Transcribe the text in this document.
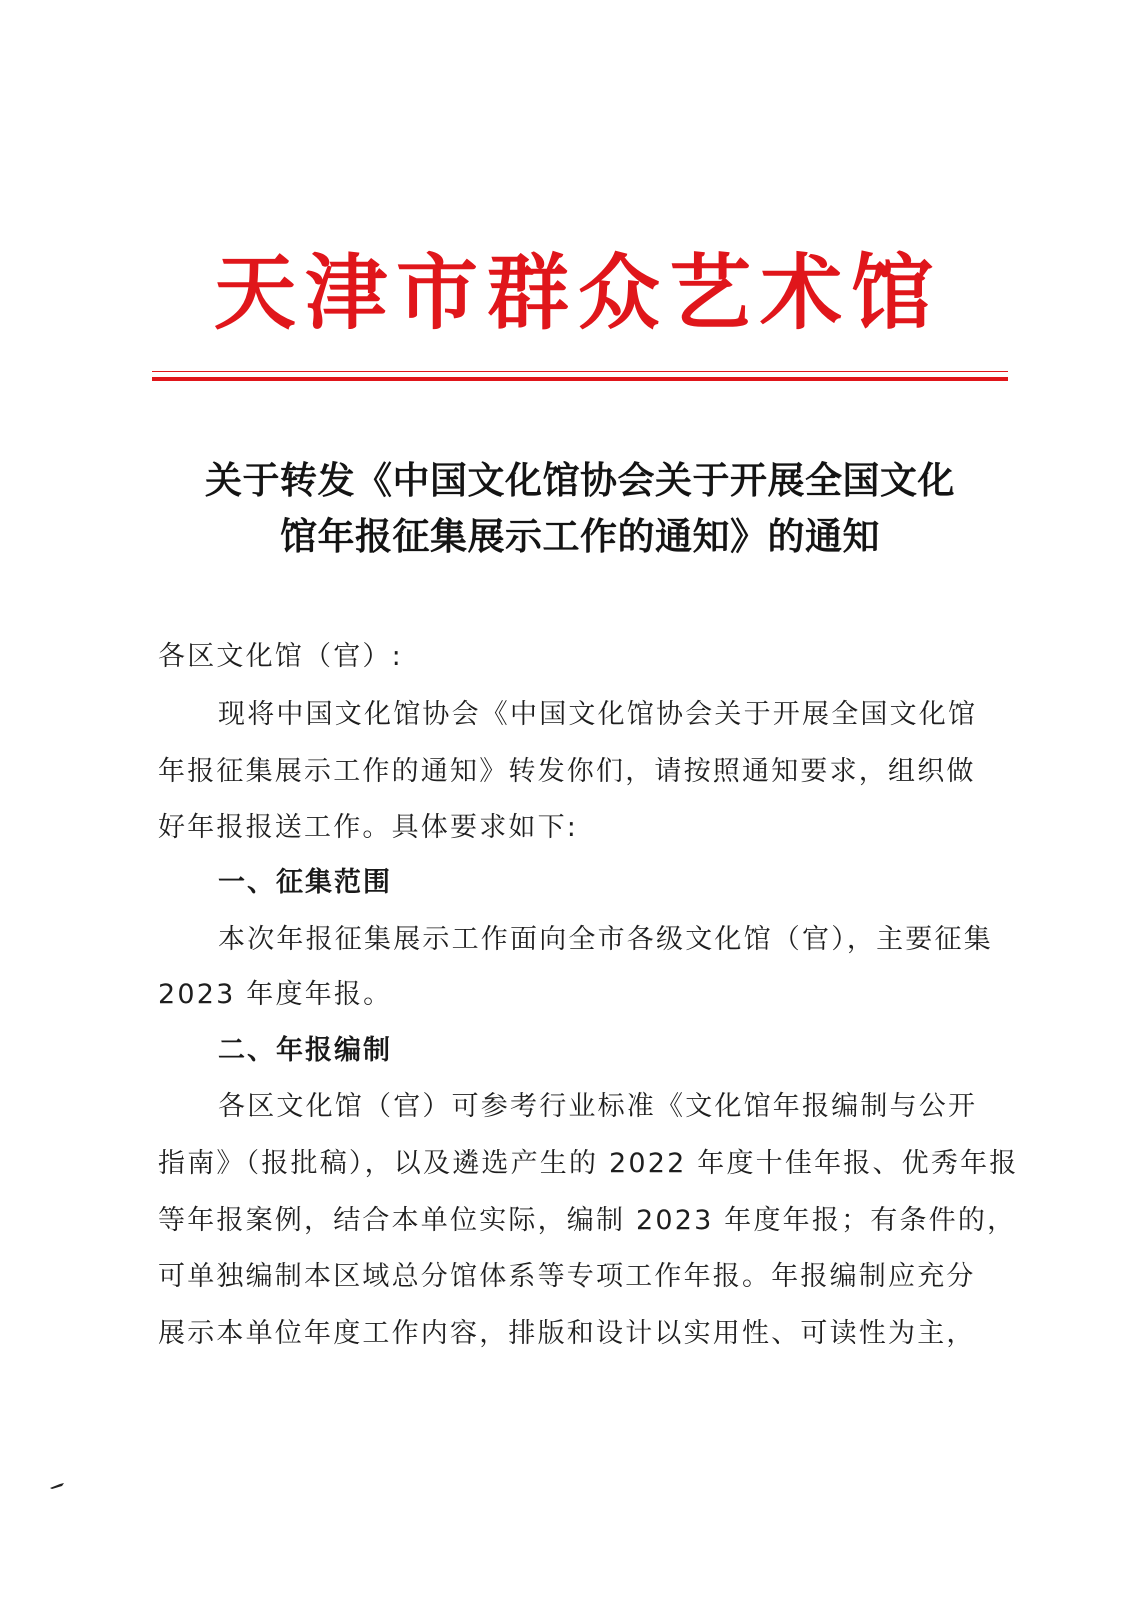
天津市群众艺术馆
关于转发《中国文化馆协会关于开展全国文化
馆年报征集展示工作的通知》的通知
各区文化馆（官）:
现将中国文化馆协会《中国文化馆协会关于开展全国文化馆
年报征集展示工作的通知》转发你们，请按照通知要求，组织做
好年报报送工作。具体要求如下:
一、征集范围
本次年报征集展示工作面向全市各级文化馆（官），主要征集
2023 年度年报。
二、年报编制
各区文化馆（官）可参考行业标准《文化馆年报编制与公开
指南》（报批稿），以及遴选产生的 2022 年度十佳年报、优秀年报
等年报案例，结合本单位实际，编制 2023 年度年报；有条件的，
可单独编制本区域总分馆体系等专项工作年报。年报编制应充分
展示本单位年度工作内容，排版和设计以实用性、可读性为主，
